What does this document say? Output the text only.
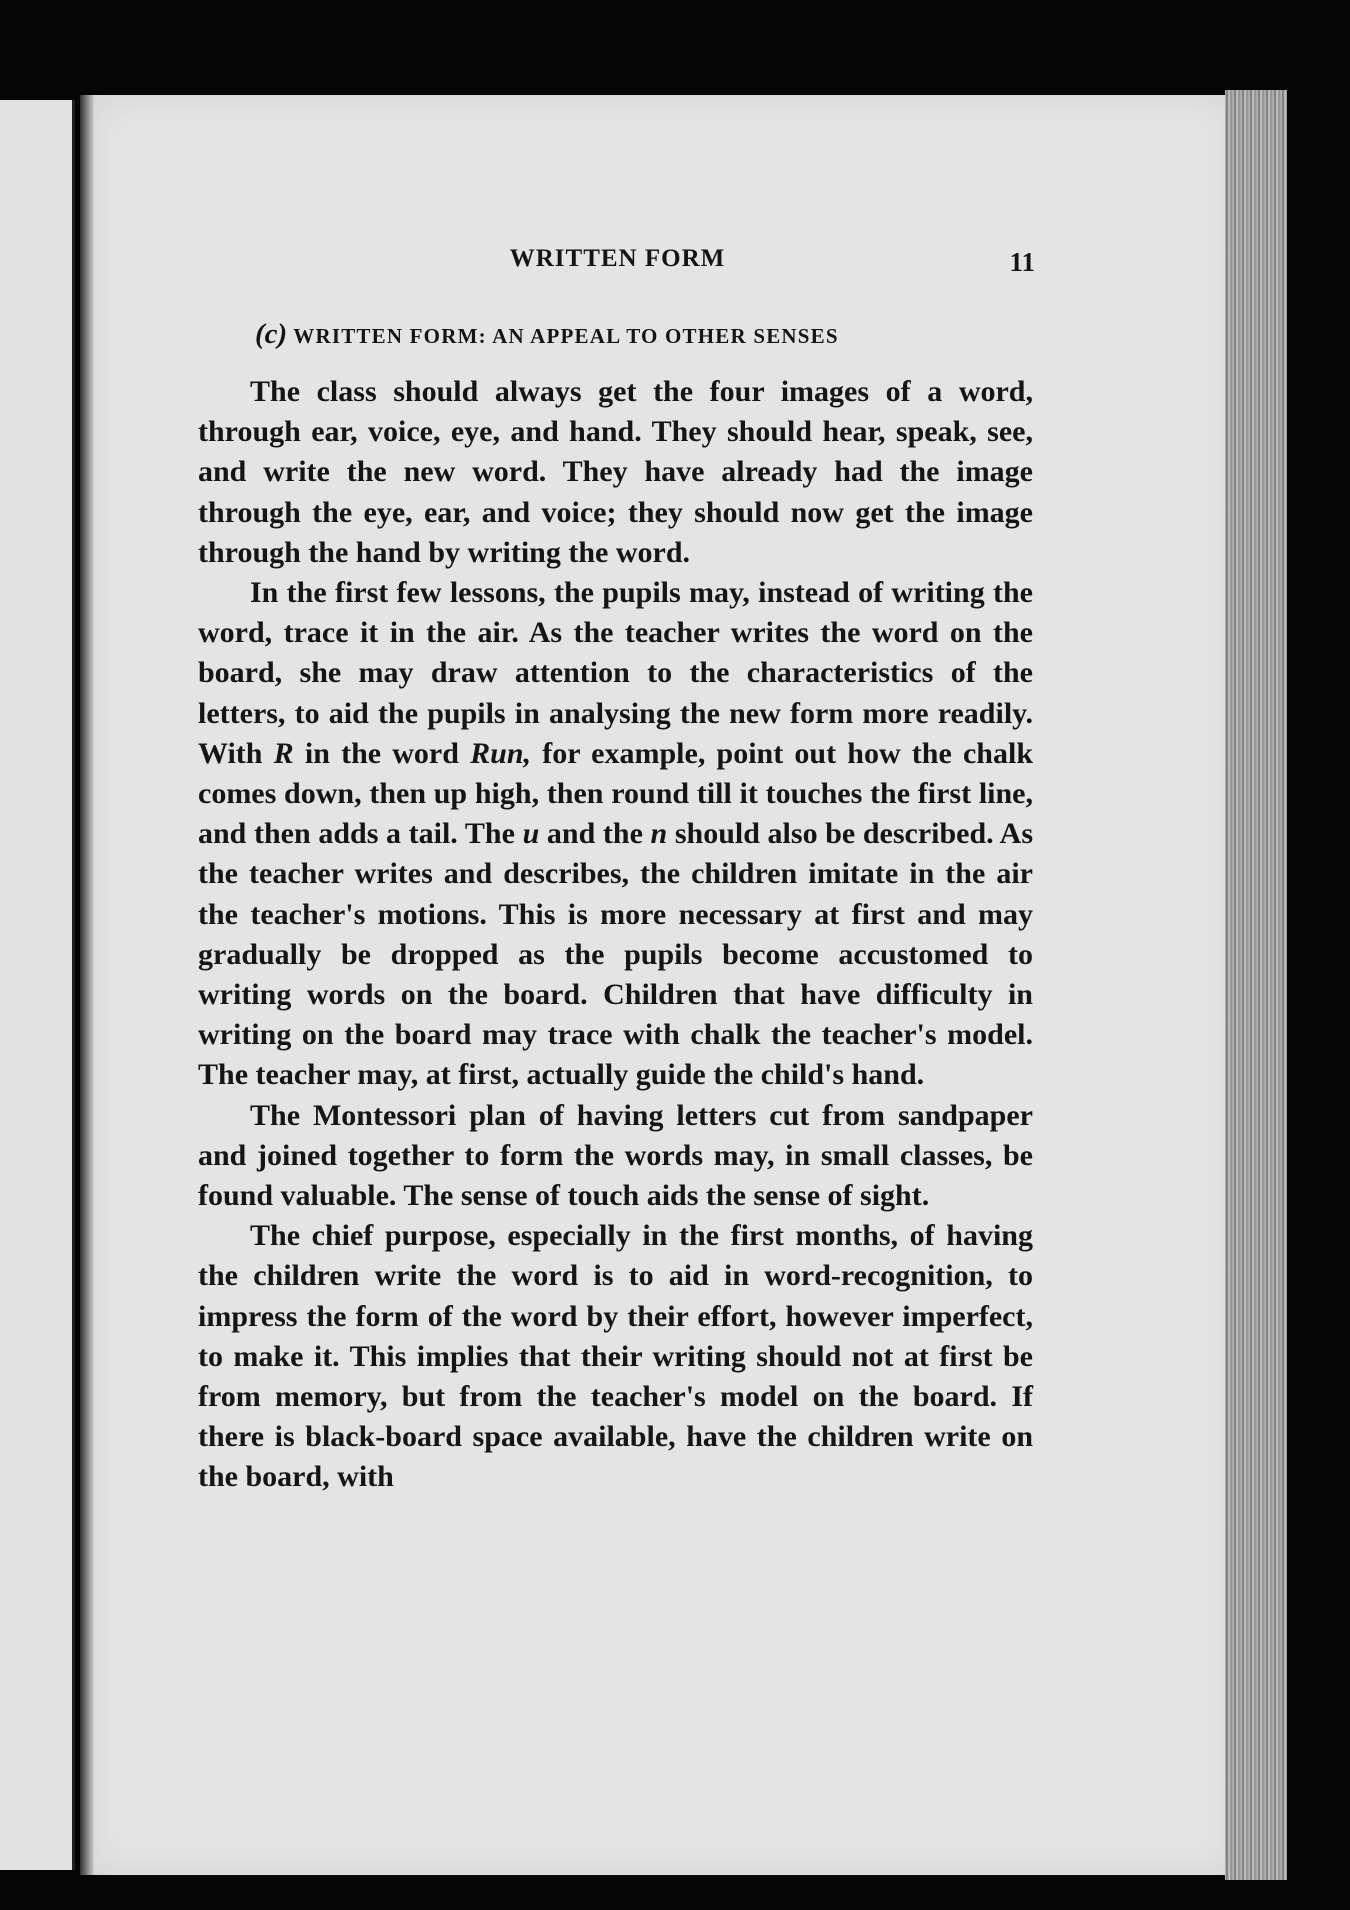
WRITTEN FORM	11
(c) WRITTEN FORM: AN APPEAL TO OTHER SENSES

The class should always get the four images of a word, through ear, voice, eye, and hand. They should hear, speak, see, and write the new word. They have already had the image through the eye, ear, and voice; they should now get the image through the hand by writing the word.

In the first few lessons, the pupils may, instead of writing the word, trace it in the air. As the teacher writes the word on the board, she may draw attention to the characteristics of the letters, to aid the pupils in analysing the new form more readily. With R in the word Run, for example, point out how the chalk comes down, then up high, then round till it touches the first line, and then adds a tail. The u and the n should also be described. As the teacher writes and describes, the children imitate in the air the teacher's motions. This is more necessary at first and may gradually be dropped as the pupils become accustomed to writing words on the board. Children that have difficulty in writing on the board may trace with chalk the teacher's model. The teacher may, at first, actually guide the child's hand.

The Montessori plan of having letters cut from sandpaper and joined together to form the words may, in small classes, be found valuable. The sense of touch aids the sense of sight.

The chief purpose, especially in the first months, of having the children write the word is to aid in word-recognition, to impress the form of the word by their effort, however imperfect, to make it. This implies that their writing should not at first be from memory, but from the teacher's model on the board. If there is black-board space available, have the children write on the board, with
